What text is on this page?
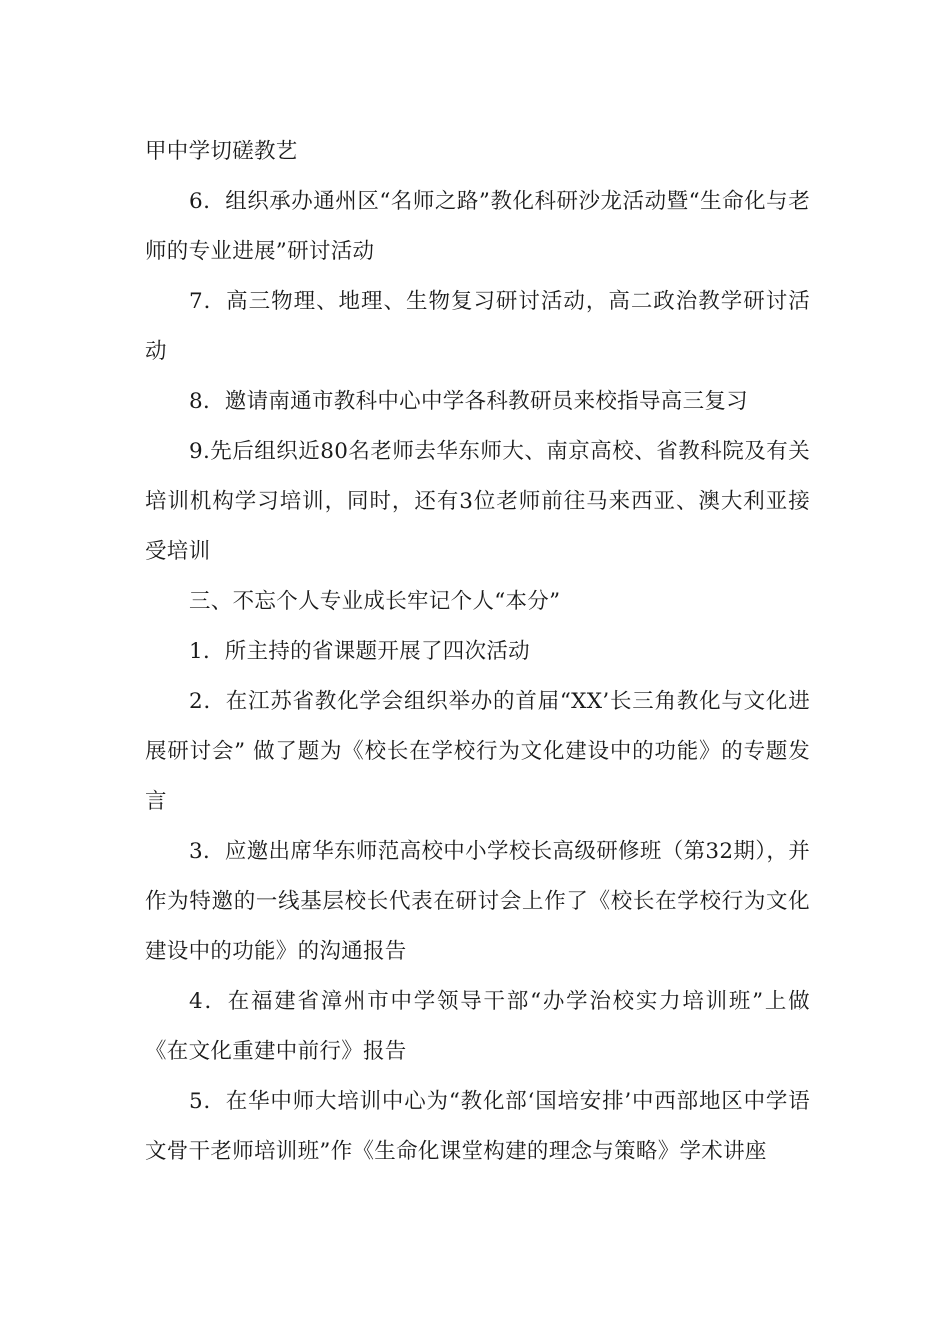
甲中学切磋教艺

6．组织承办通州区“名师之路”教化科研沙龙活动暨“生命化与老师的专业进展”研讨活动

7．高三物理、地理、生物复习研讨活动，高二政治教学研讨活动

8．邀请南通市教科中心中学各科教研员来校指导高三复习

9.先后组织近80名老师去华东师大、南京高校、省教科院及有关培训机构学习培训，同时，还有3位老师前往马来西亚、澳大利亚接受培训

三、不忘个人专业成长牢记个人“本分”

1．所主持的省课题开展了四次活动

2．在江苏省教化学会组织举办的首届“XX’长三角教化与文化进展研讨会” 做了题为《校长在学校行为文化建设中的功能》的专题发言

3．应邀出席华东师范高校中小学校长高级研修班（第32期），并作为特邀的一线基层校长代表在研讨会上作了《校长在学校行为文化建设中的功能》的沟通报告

4．在福建省漳州市中学领导干部“办学治校实力培训班”上做《在文化重建中前行》报告

5．在华中师大培训中心为“教化部‘国培安排’中西部地区中学语文骨干老师培训班”作《生命化课堂构建的理念与策略》学术讲座
